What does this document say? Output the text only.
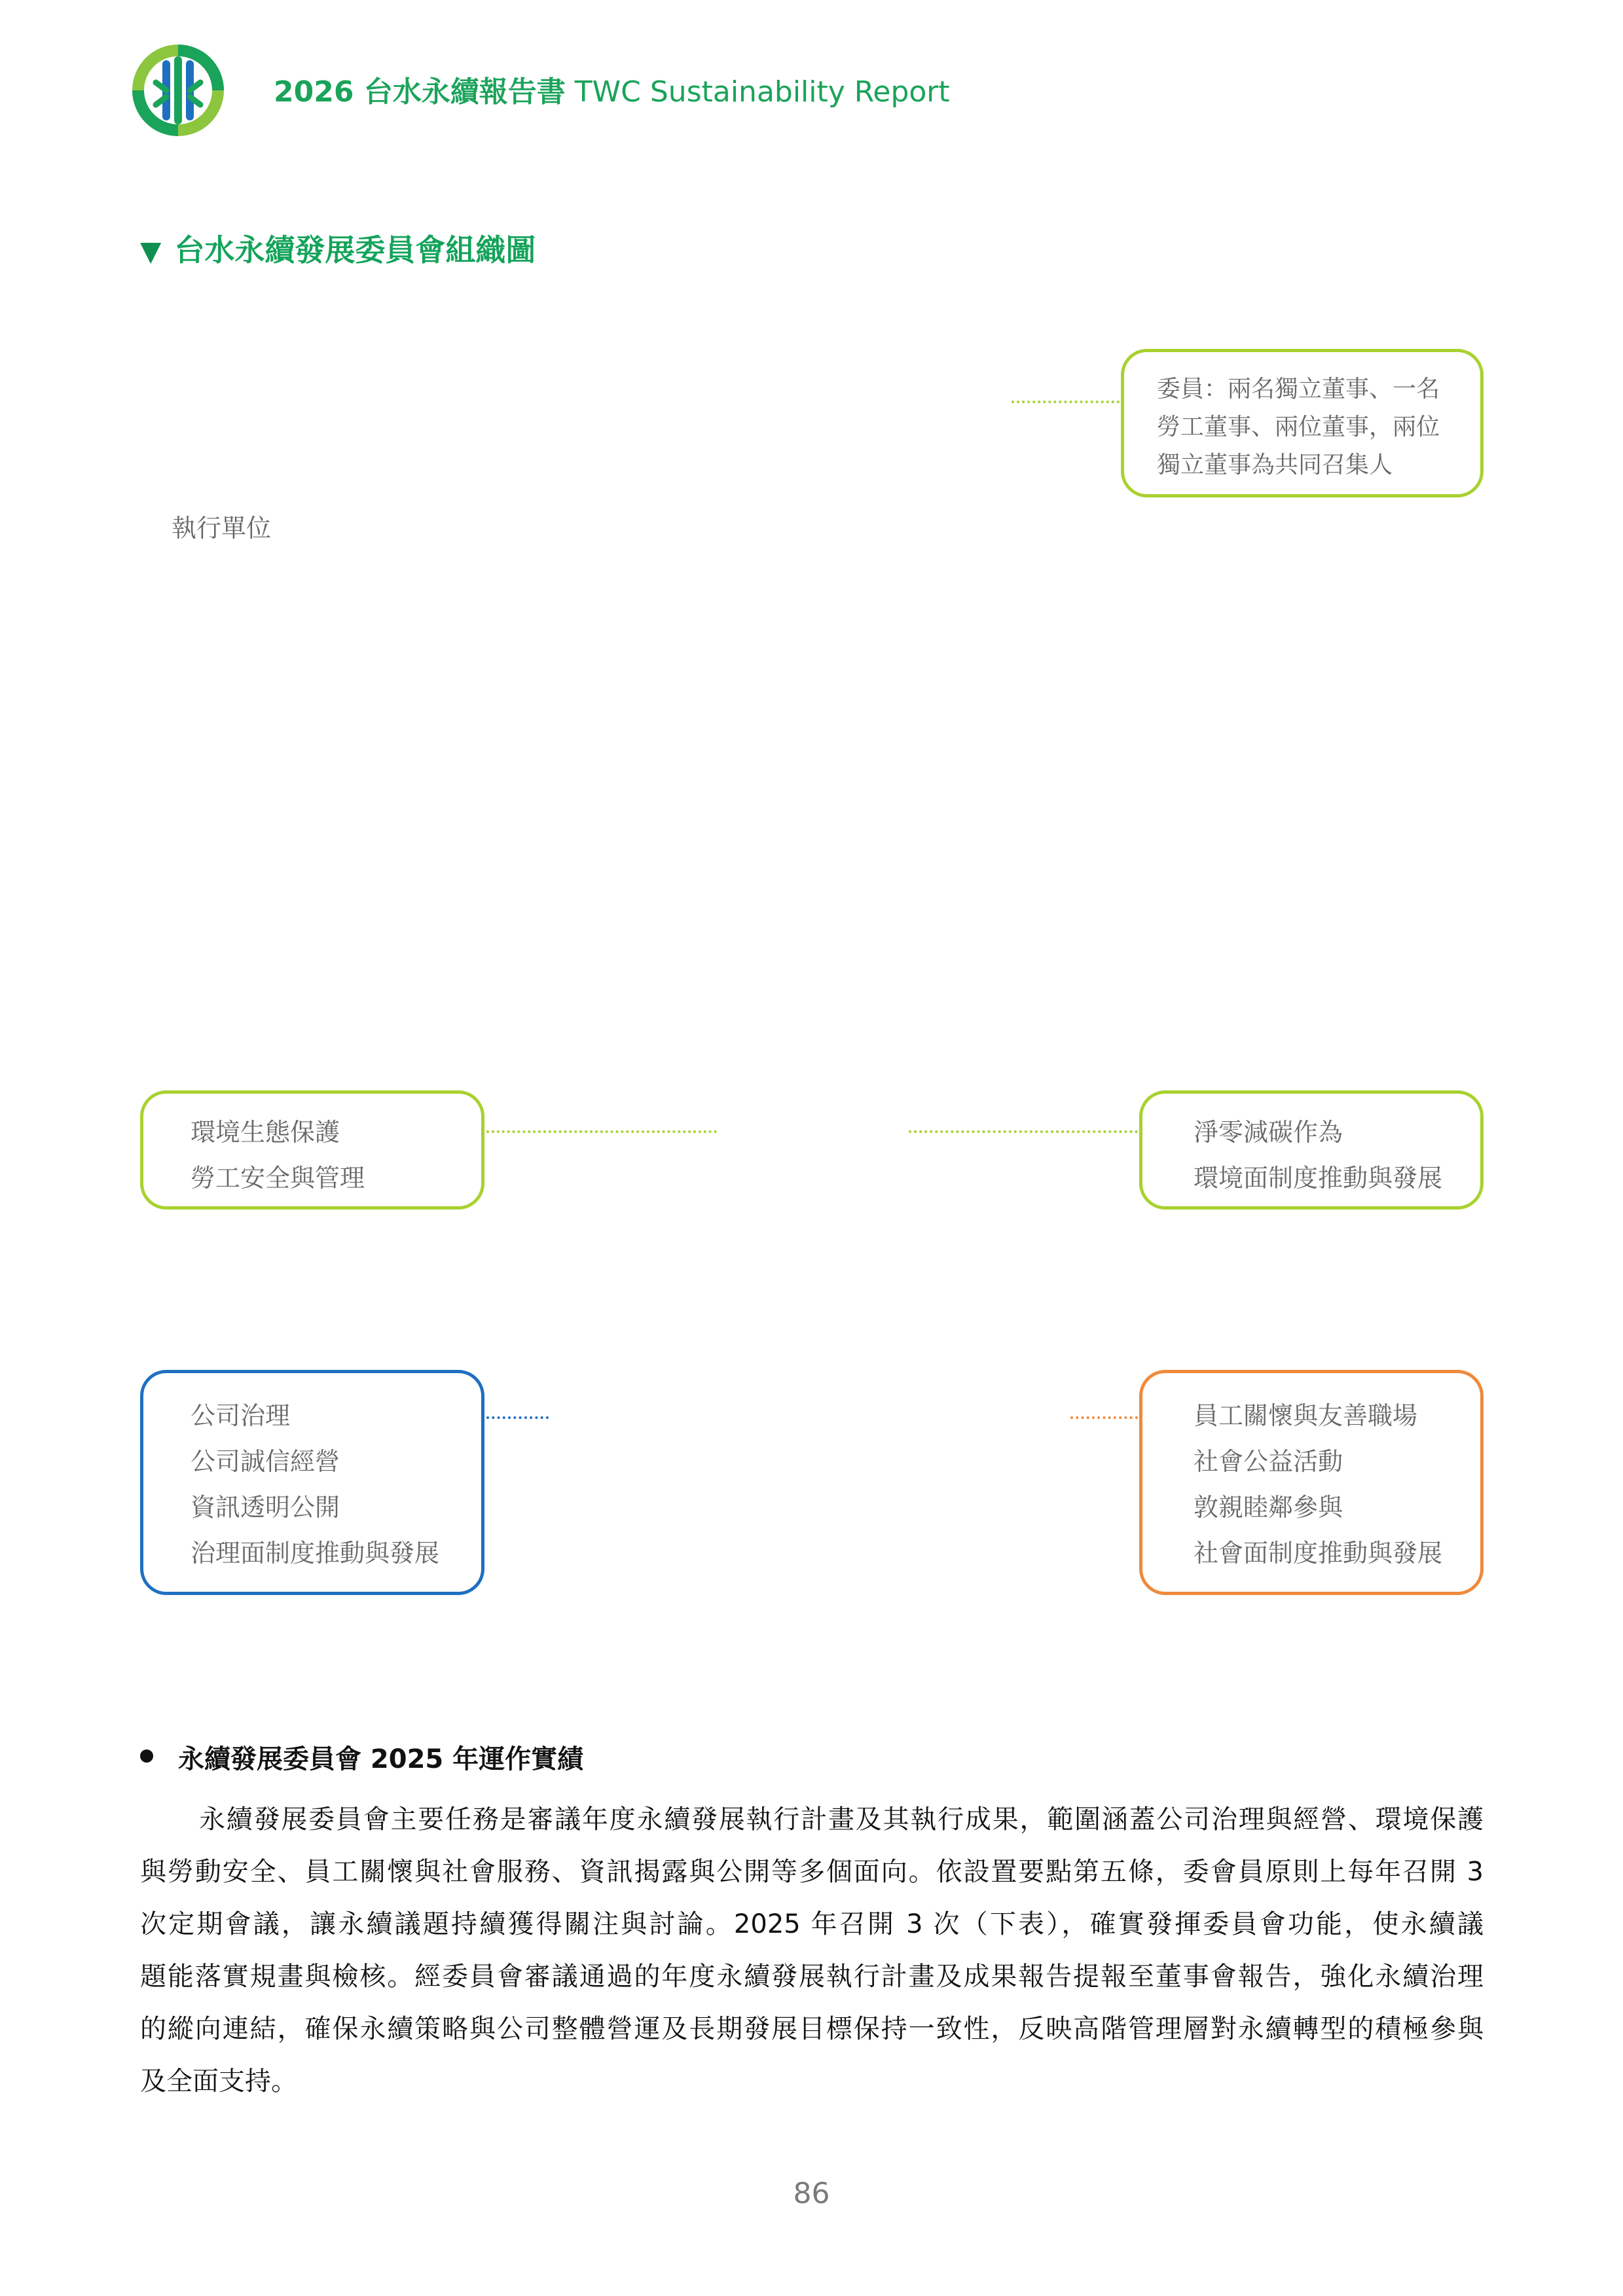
2026 台水永續報告書 TWC Sustainability Report
▼ 台水永續發展委員會組織圖
委員：兩名獨立董事、一名
勞工董事、兩位董事，兩位
獨立董事為共同召集人
執行單位
環境生態保護
勞工安全與管理
淨零減碳作為
環境面制度推動與發展
公司治理
公司誠信經營
資訊透明公開
治理面制度推動與發展
員工關懷與友善職場
社會公益活動
敦親睦鄰參與
社會面制度推動與發展
永續發展委員會 2025 年運作實績
永續發展委員會主要任務是審議年度永續發展執行計畫及其執行成果，範圍涵蓋公司治理與經營、環境保護
與勞動安全、員工關懷與社會服務、資訊揭露與公開等多個面向。依設置要點第五條，委會員原則上每年召開 3
次定期會議，讓永續議題持續獲得關注與討論。2025 年召開 3 次（下表），確實發揮委員會功能，使永續議
題能落實規畫與檢核。經委員會審議通過的年度永續發展執行計畫及成果報告提報至董事會報告，強化永續治理
的縱向連結，確保永續策略與公司整體營運及長期發展目標保持一致性，反映高階管理層對永續轉型的積極參與
及全面支持。
86
